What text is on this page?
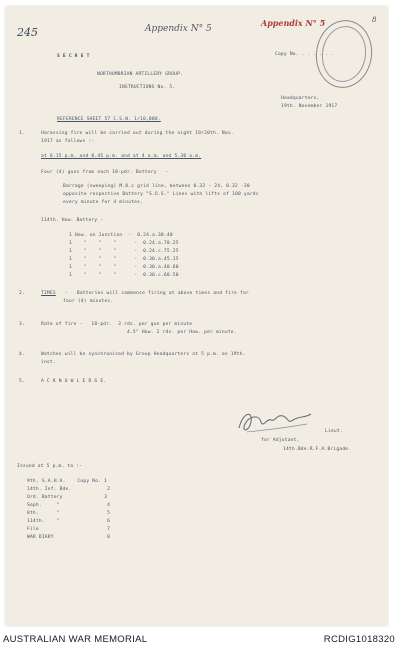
245	Appendix N° 5
Appendix N° 5	8
S E C R E T	Copy No. . . . . . .
NORTHUMBRIAN ARTILLERY GROUP.
INSTRUCTIONS No. 5.
Headquarters,
19th. November 1917
REFERENCE SHEET 57 C.S.W. 1/10,000.
1.	Harassing fire will be carried out during the night 19/20th. Nov.
1917 as follows :-
at 6.15 p.m. and 8.45 p.m. and at 4 a.m. and 5.30 a.m.
Four (4) guns from each 18-pdr. Battery   -
Barrage (sweeping) M.8.c grid line, between 0.32 - 24, 0.32 -30
opposite respective Battery "S.O.S." Lines with lifts of 100 yards
every minute for 4 minutes.
114th. How. Battery -
1 How. on Junction  -  0.24.a.30.40
1    "    "    "      -  0.24.a.70.25
1    "    "    "      -  0.24.c.75.25
1    "    "    "      -  0.30.a.45.15
1    "    "    "      -  0.30.a.40.60
1    "    "    "      -  0.30.c.60.50
2.	TIMES -   Batteries will commence firing at above times and fire for
four (4) minutes.
3.	Rate of fire -   18-pdr.  3 rds. per gun per minute
4.5" How. 2 rds. per How. per minute.
4.	Watches will be synchronised by Group Headquarters at 5 p.m. on 19th.
inst.
5.	A C K N O W L E D G E.
Lieut.
for Adjutant,
14th.Bde.R.F.A.Brigade.
Issued at 5 p.m. to :-
9th. S.A.H.A.    Copy No. 1
14th. Inf. Bde.            2
Ord. Battery              3
Seph.     "                4
8th.      "                5
114th.    "                6
File                       7
WAR DIARY                  8
AUSTRALIAN WAR MEMORIAL	RCDIG1018320
